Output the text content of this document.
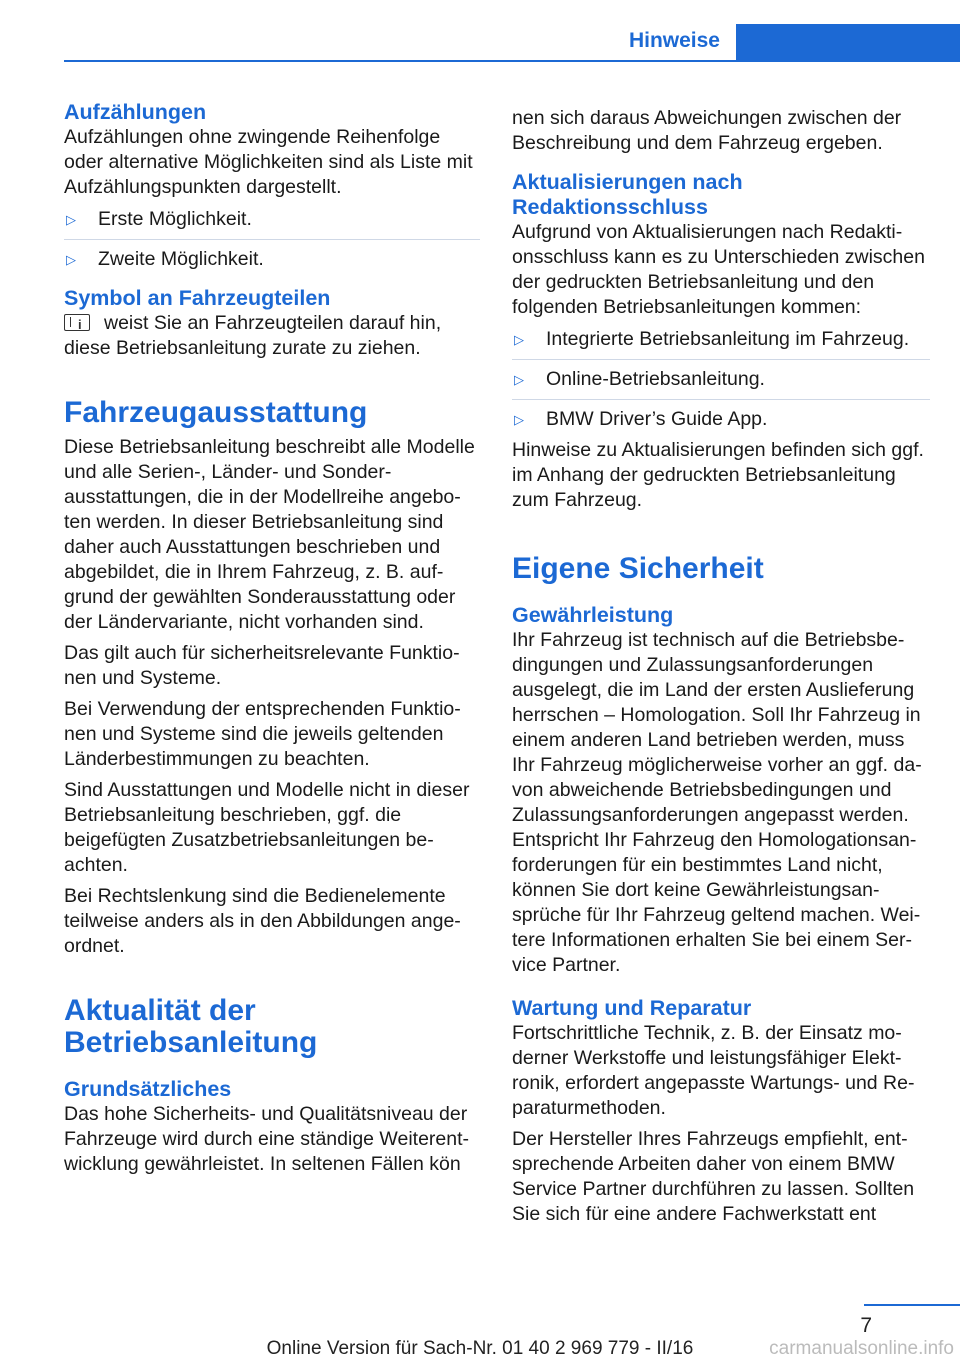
Hinweise
Aufzählungen

Aufzählungen ohne zwingende Reihenfolge oder alternative Möglichkeiten sind als Liste mit Aufzählungspunkten dargestellt.

▷	Erste Möglichkeit.
▷	Zweite Möglichkeit.
Symbol an Fahrzeugteilen

iweist Sie an Fahrzeugteilen darauf hin, diese Betriebsanleitung zurate zu ziehen.

Fahrzeugausstattung

Diese Betriebsanleitung beschreibt alle Modelle und alle Serien-, Länder- und Sonderausstattungen, die in der Modellreihe angeboten werden. In dieser Betriebsanleitung sind daher auch Ausstattungen beschrieben und abgebildet, die in Ihrem Fahrzeug, z. B. aufgrund der gewählten Sonderausstattung oder der Ländervariante, nicht vorhanden sind.

Das gilt auch für sicherheitsrelevante Funktionen und Systeme.

Bei Verwendung der entsprechenden Funktionen und Systeme sind die jeweils geltenden Länderbestimmungen zu beachten.

Sind Ausstattungen und Modelle nicht in dieser Betriebsanleitung beschrieben, ggf. die beigefügten Zusatzbetriebsanleitungen beachten.

Bei Rechtslenkung sind die Bedienelemente teilweise anders als in den Abbildungen angeordnet.

Aktualität der
Betriebsanleitung
Grundsätzliches

Das hohe Sicherheits- und Qualitätsniveau der Fahrzeuge wird durch eine ständige Weiterentwicklung gewährleistet. In seltenen Fällen kön

nen sich daraus Abweichungen zwischen der Beschreibung und dem Fahrzeug ergeben.

Aktualisierungen nach
Redaktionsschluss

Aufgrund von Aktualisierungen nach Redaktionsschluss kann es zu Unterschieden zwischen der gedruckten Betriebsanleitung und den folgenden Betriebsanleitungen kommen:

▷	Integrierte Betriebsanleitung im Fahrzeug.
▷	Online-Betriebsanleitung.
▷	BMW Driver’s Guide App.

Hinweise zu Aktualisierungen befinden sich ggf. im Anhang der gedruckten Betriebsanleitung zum Fahrzeug.

Eigene Sicherheit
Gewährleistung

Ihr Fahrzeug ist technisch auf die Betriebsbedingungen und Zulassungsanforderungen ausgelegt, die im Land der ersten Auslieferung herrschen – Homologation. Soll Ihr Fahrzeug in einem anderen Land betrieben werden, muss Ihr Fahrzeug möglicherweise vorher an ggf. davon abweichende Betriebsbedingungen und Zulassungsanforderungen angepasst werden. Entspricht Ihr Fahrzeug den Homologationsanforderungen für ein bestimmtes Land nicht, können Sie dort keine Gewährleistungsansprüche für Ihr Fahrzeug geltend machen. Weitere Informationen erhalten Sie bei einem Service Partner.

Wartung und Reparatur

Fortschrittliche Technik, z. B. der Einsatz moderner Werkstoffe und leistungsfähiger Elektronik, erfordert angepasste Wartungs- und Reparaturmethoden.

Der Hersteller Ihres Fahrzeugs empfiehlt, entsprechende Arbeiten daher von einem BMW Service Partner durchführen zu lassen. Sollten Sie sich für eine andere Fachwerkstatt ent

7
Online Version für Sach-Nr. 01 40 2 969 779 - II/16	carmanualsonline.info
